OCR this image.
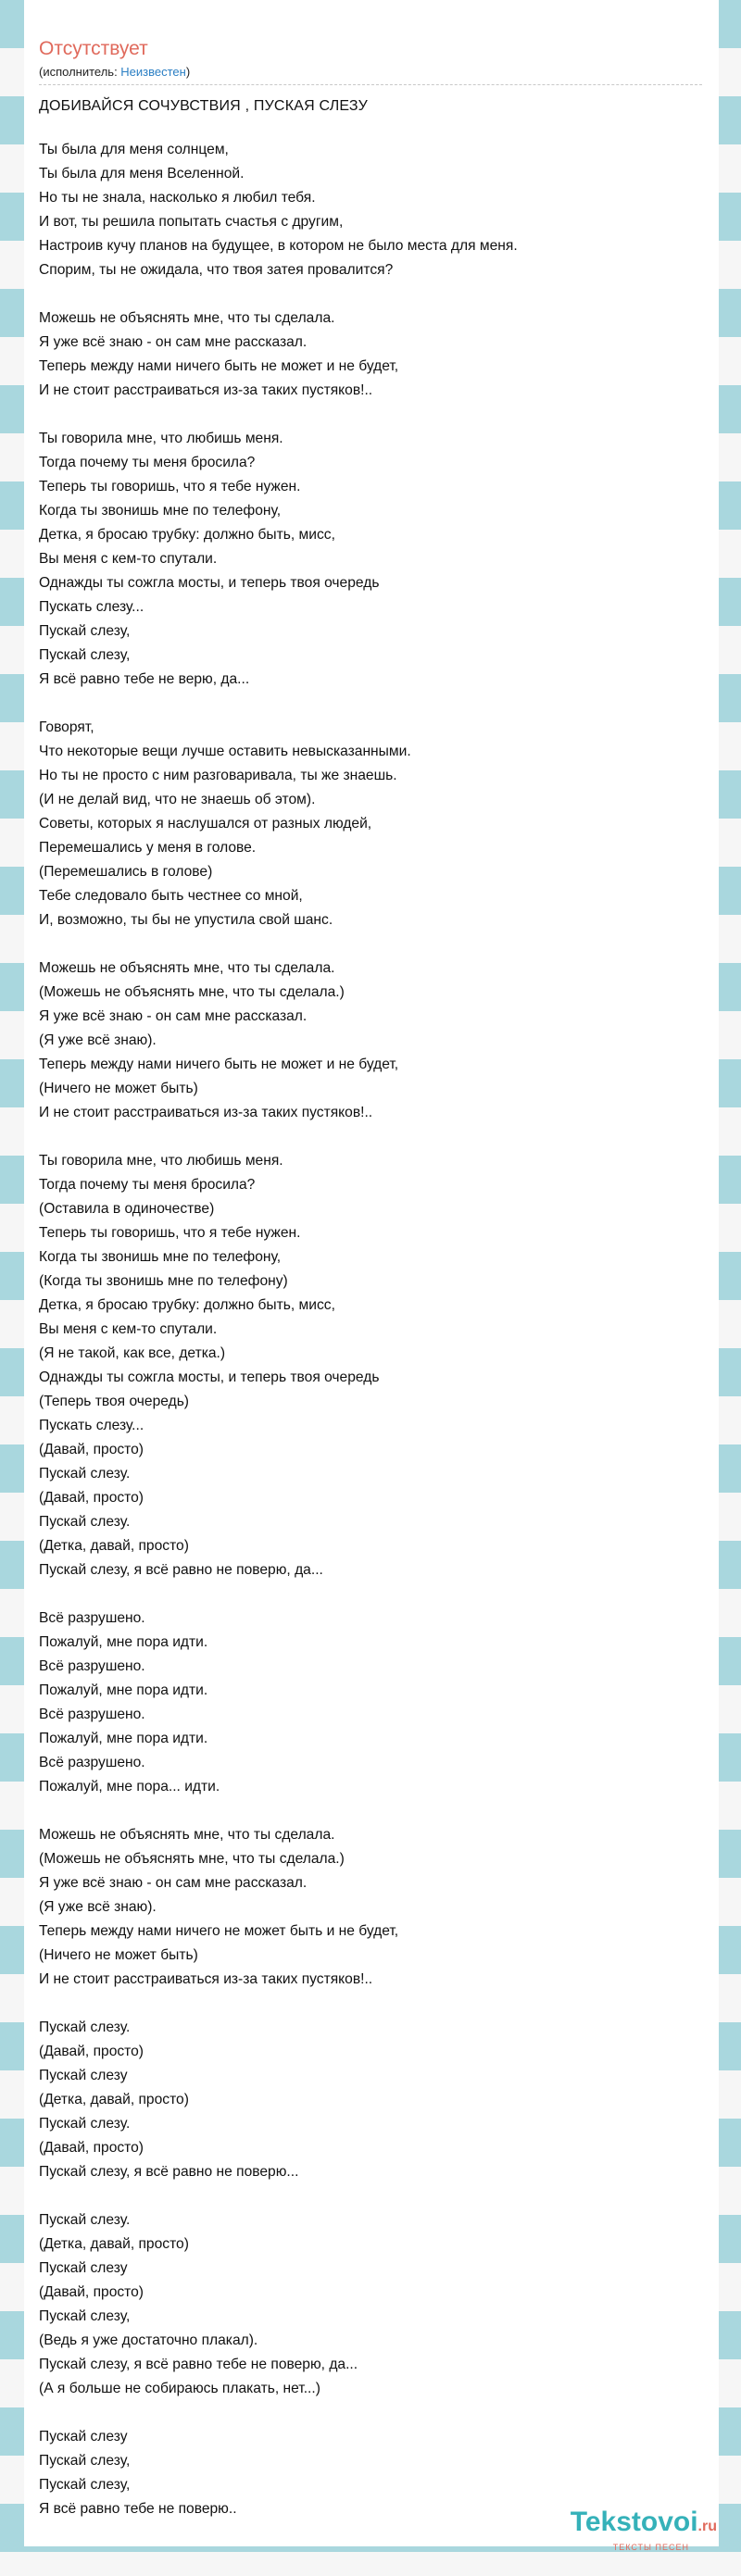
Отсутствует
(исполнитель: Неизвестен)
ДОБИВАЙСЯ СОЧУВСТВИЯ , ПУСКАЯ СЛЕЗУ
Ты была для меня солнцем,
Ты была для меня Вселенной.
Но ты не знала, насколько я любил тебя.
И вот, ты решила попытать счастья с другим,
Настроив кучу планов на будущее, в котором не было места для меня.
Спорим, ты не ожидала, что твоя затея провалится?
Можешь не объяснять мне, что ты сделала.
Я уже всё знаю - он сам мне рассказал.
Теперь между нами ничего быть не может и не будет,
И не стоит расстраиваться из-за таких пустяков!..
Ты говорила мне, что любишь меня.
Тогда почему ты меня бросила?
Теперь ты говоришь, что я тебе нужен.
Когда ты звонишь мне по телефону,
Детка, я бросаю трубку: должно быть, мисс,
Вы меня с кем-то спутали.
Однажды ты сожгла мосты, и теперь твоя очередь
Пускать слезу...
Пускай слезу,
Пускай слезу,
Я всё равно тебе не верю, да...
Говорят,
Что некоторые вещи лучше оставить невысказанными.
Но ты не просто с ним разговаривала, ты же знаешь.
(И не делай вид, что не знаешь об этом).
Советы, которых я наслушался от разных людей,
Перемешались у меня в голове.
(Перемешались в голове)
Тебе следовало быть честнее со мной,
И, возможно, ты бы не упустила свой шанс.
Можешь не объяснять мне, что ты сделала.
(Можешь не объяснять мне, что ты сделала.)
Я уже всё знаю - он сам мне рассказал.
(Я уже всё знаю).
Теперь между нами ничего быть не может и не будет,
(Ничего не может быть)
И не стоит расстраиваться из-за таких пустяков!..
Ты говорила мне, что любишь меня.
Тогда почему ты меня бросила?
(Оставила в одиночестве)
Теперь ты говоришь, что я тебе нужен.
Когда ты звонишь мне по телефону,
(Когда ты звонишь мне по телефону)
Детка, я бросаю трубку: должно быть, мисс,
Вы меня с кем-то спутали.
(Я не такой, как все, детка.)
Однажды ты сожгла мосты, и теперь твоя очередь
(Теперь твоя очередь)
Пускать слезу...
(Давай, просто)
Пускай слезу.
(Давай, просто)
Пускай слезу.
(Детка, давай, просто)
Пускай слезу, я всё равно не поверю, да...
Всё разрушено.
Пожалуй, мне пора идти.
Всё разрушено.
Пожалуй, мне пора идти.
Всё разрушено.
Пожалуй, мне пора идти.
Всё разрушено.
Пожалуй, мне пора... идти.
Можешь не объяснять мне, что ты сделала.
(Можешь не объяснять мне, что ты сделала.)
Я уже всё знаю - он сам мне рассказал.
(Я уже всё знаю).
Теперь между нами ничего не может быть и не будет,
(Ничего не может быть)
И не стоит расстраиваться из-за таких пустяков!..
Пускай слезу.
(Давай, просто)
Пускай слезу
(Детка, давай, просто)
Пускай слезу.
(Давай, просто)
Пускай слезу, я всё равно не поверю...
Пускай слезу.
(Детка, давай, просто)
Пускай слезу
(Давай, просто)
Пускай слезу,
(Ведь я уже достаточно плакал).
Пускай слезу, я всё равно тебе не поверю, да...
(А я больше не собираюсь плакать, нет...)
Пускай слезу
Пускай слезу,
Пускай слезу,
Я всё равно тебе не поверю..	Tekstovoi.ru
ТЕКСТЫ ПЕСЕН
